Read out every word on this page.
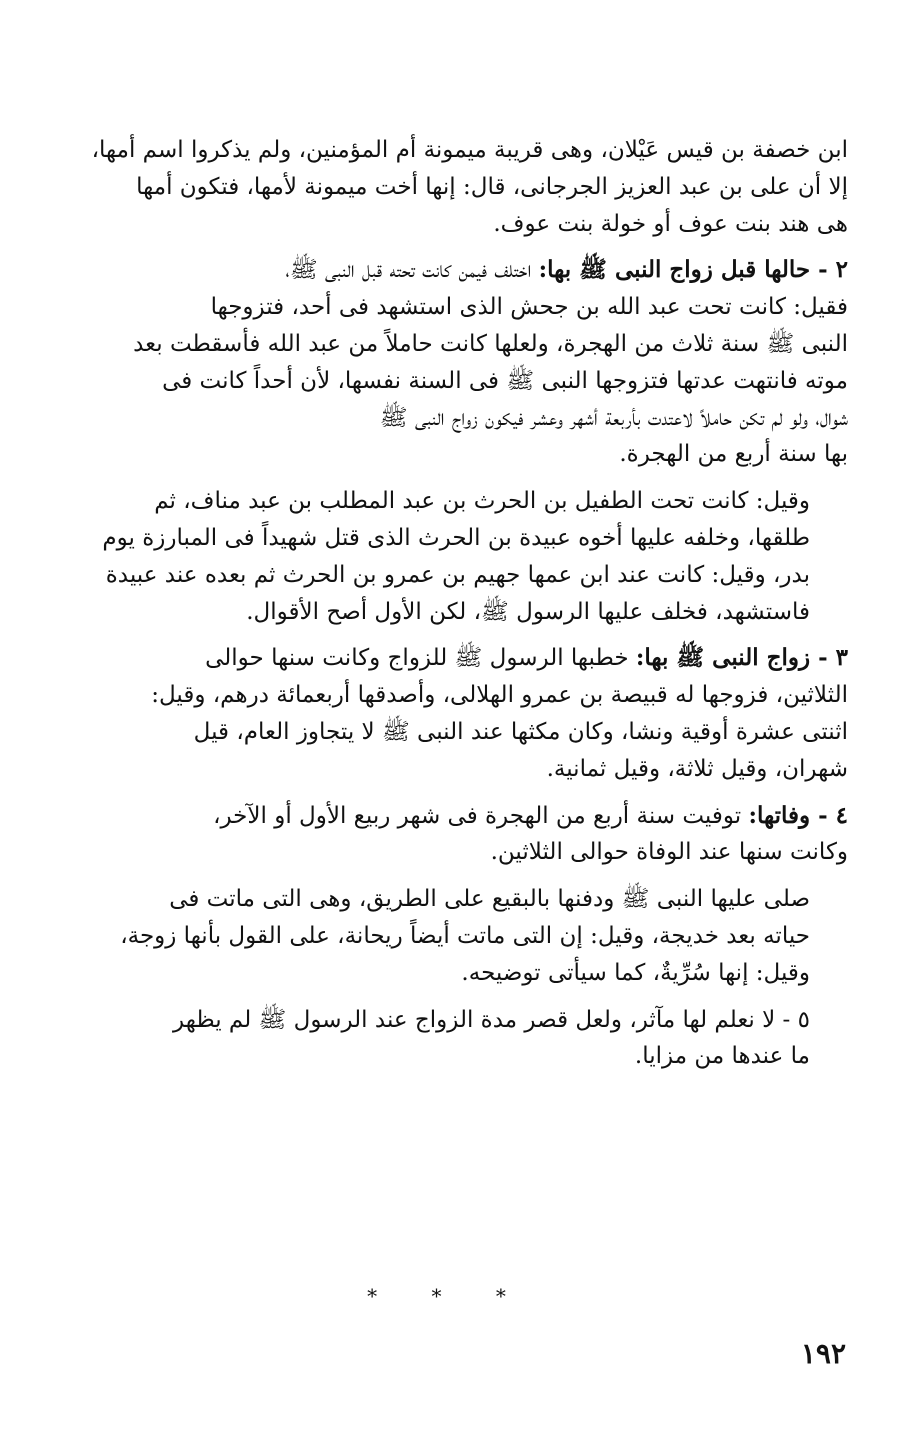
ابن خصفة بن قيس عَيْلان، وهى قريبة ميمونة أم المؤمنين، ولم يذكروا اسم أمها،
إلا أن على بن عبد العزيز الجرجانى، قال: إنها أخت ميمونة لأمها، فتكون أمها
هى هند بنت عوف أو خولة بنت عوف.

٢ - حالها قبل زواج النبى ﷺ بها: اختلف فيمن كانت تحته قبل النبى ﷺ،
فقيل: كانت تحت عبد الله بن جحش الذى استشهد فى أحد، فتزوجها
النبى ﷺ سنة ثلاث من الهجرة، ولعلها كانت حاملاً من عبد الله فأسقطت بعد
موته فانتهت عدتها فتزوجها النبى ﷺ فى السنة نفسها، لأن أحداً كانت فى
شوال، ولو لم تكن حاملاً لاعتدت بأربعة أشهر وعشر فيكون زواج النبى ﷺ
بها سنة أربع من الهجرة.

وقيل: كانت تحت الطفيل بن الحرث بن عبد المطلب بن عبد مناف، ثم
طلقها، وخلفه عليها أخوه عبيدة بن الحرث الذى قتل شهيداً فى المبارزة يوم
بدر، وقيل: كانت عند ابن عمها جهيم بن عمرو بن الحرث ثم بعده عند عبيدة
فاستشهد، فخلف عليها الرسول ﷺ، لكن الأول أصح الأقوال.

٣ - زواج النبى ﷺ بها: خطبها الرسول ﷺ للزواج وكانت سنها حوالى
الثلاثين، فزوجها له قبيصة بن عمرو الهلالى، وأصدقها أربعمائة درهم، وقيل:
اثنتى عشرة أوقية ونشا، وكان مكثها عند النبى ﷺ لا يتجاوز العام، قيل
شهران، وقيل ثلاثة، وقيل ثمانية.

٤ - وفاتها: توفيت سنة أربع من الهجرة فى شهر ربيع الأول أو الآخر،
وكانت سنها عند الوفاة حوالى الثلاثين.

صلى عليها النبى ﷺ ودفنها بالبقيع على الطريق، وهى التى ماتت فى
حياته بعد خديجة، وقيل: إن التى ماتت أيضاً ريحانة، على القول بأنها زوجة،
وقيل: إنها سُرِّيةٌ، كما سيأتى توضيحه.

٥ - لا نعلم لها مآثر، ولعل قصر مدة الزواج عند الرسول ﷺ لم يظهر
ما عندها من مزايا.

* * *
١٩٢
